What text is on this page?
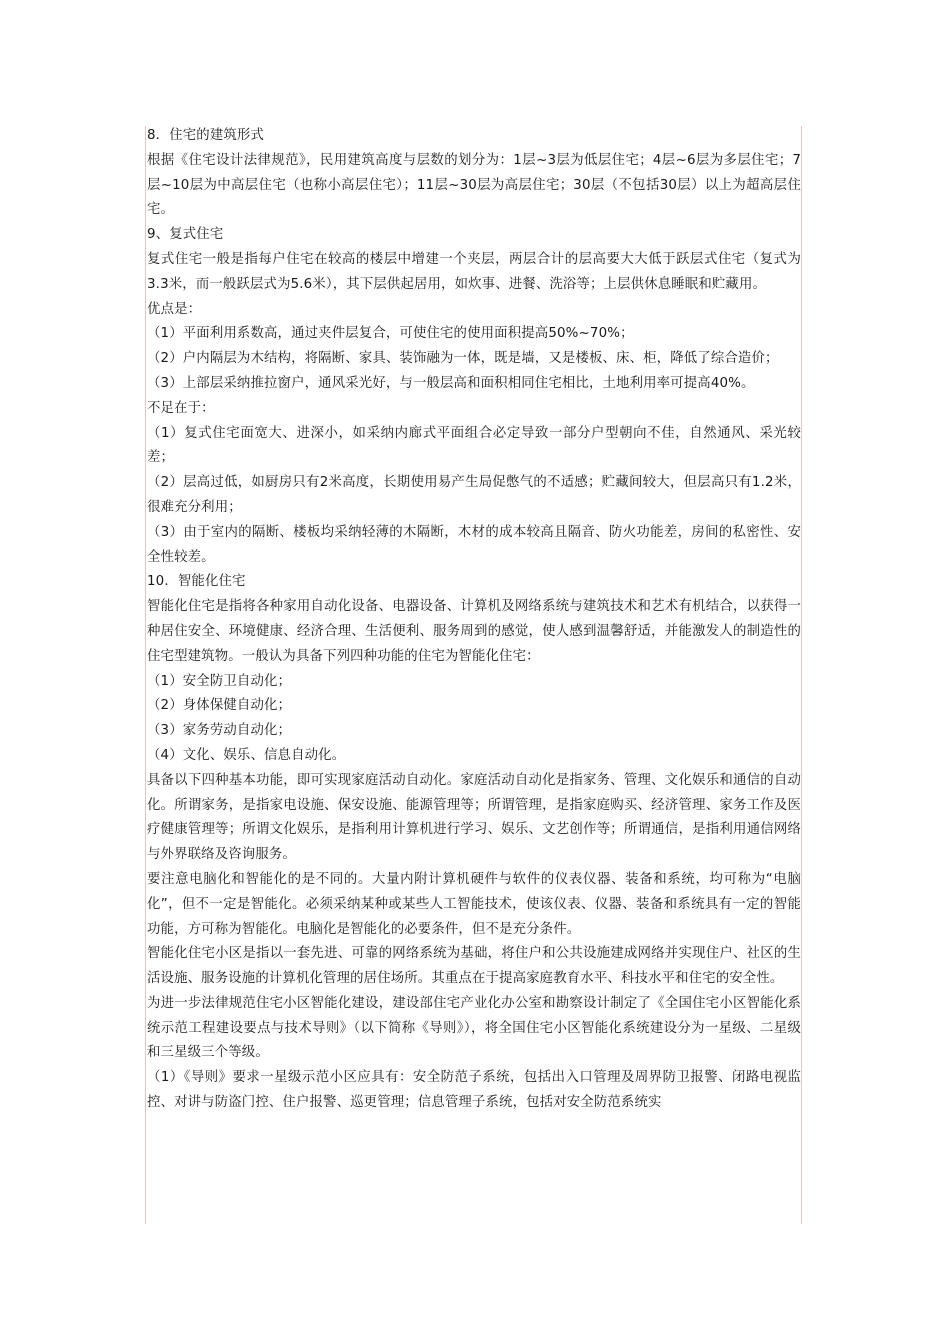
8．住宅的建筑形式

根据《住宅设计法律规范》，民用建筑高度与层数的划分为：1层~3层为低层住宅；4层~6层为多层住宅；7层~10层为中高层住宅（也称小高层住宅）；11层~30层为高层住宅；30层（不包括30层）以上为超高层住宅。

9、复式住宅

复式住宅一般是指每户住宅在较高的楼层中增建一个夹层，两层合计的层高要大大低于跃层式住宅（复式为3.3米，而一般跃层式为5.6米），其下层供起居用，如炊事、进餐、洗浴等；上层供休息睡眠和贮藏用。

优点是：

（1）平面利用系数高，通过夹件层复合，可使住宅的使用面积提高50%~70%；

（2）户内隔层为木结构，将隔断、家具、装饰融为一体，既是墙，又是楼板、床、柜，降低了综合造价；

（3）上部层采纳推拉窗户，通风采光好，与一般层高和面积相同住宅相比，土地利用率可提高40%。

不足在于：

（1）复式住宅面宽大、进深小，如采纳内廊式平面组合必定导致一部分户型朝向不佳，自然通风、采光较差；

（2）层高过低，如厨房只有2米高度，长期使用易产生局促憋气的不适感；贮藏间较大，但层高只有1.2米，很难充分利用；

（3）由于室内的隔断、楼板均采纳轻薄的木隔断，木材的成本较高且隔音、防火功能差，房间的私密性、安全性较差。

10．智能化住宅

智能化住宅是指将各种家用自动化设备、电器设备、计算机及网络系统与建筑技术和艺术有机结合，以获得一种居住安全、环境健康、经济合理、生活便利、服务周到的感觉，使人感到温馨舒适，并能激发人的制造性的住宅型建筑物。一般认为具备下列四种功能的住宅为智能化住宅：

（1）安全防卫自动化；

（2）身体保健自动化；

（3）家务劳动自动化；

（4）文化、娱乐、信息自动化。

具备以下四种基本功能，即可实现家庭活动自动化。家庭活动自动化是指家务、管理、文化娱乐和通信的自动化。所谓家务，是指家电设施、保安设施、能源管理等；所谓管理，是指家庭购买、经济管理、家务工作及医疗健康管理等；所谓文化娱乐，是指利用计算机进行学习、娱乐、文艺创作等；所谓通信，是指利用通信网络与外界联络及咨询服务。

要注意电脑化和智能化的是不同的。大量内附计算机硬件与软件的仪表仪器、装备和系统，均可称为“电脑化”，但不一定是智能化。必须采纳某种或某些人工智能技术，使该仪表、仪器、装备和系统具有一定的智能功能，方可称为智能化。电脑化是智能化的必要条件，但不是充分条件。

智能化住宅小区是指以一套先进、可靠的网络系统为基础，将住户和公共设施建成网络并实现住户、社区的生活设施、服务设施的计算机化管理的居住场所。其重点在于提高家庭教育水平、科技水平和住宅的安全性。

为进一步法律规范住宅小区智能化建设，建设部住宅产业化办公室和勘察设计制定了《全国住宅小区智能化系统示范工程建设要点与技术导则》（以下简称《导则》），将全国住宅小区智能化系统建设分为一星级、二星级和三星级三个等级。

（1）《导则》要求一星级示范小区应具有：安全防范子系统，包括出入口管理及周界防卫报警、闭路电视监控、对讲与防盗门控、住户报警、巡更管理；信息管理子系统，包括对安全防范系统实
